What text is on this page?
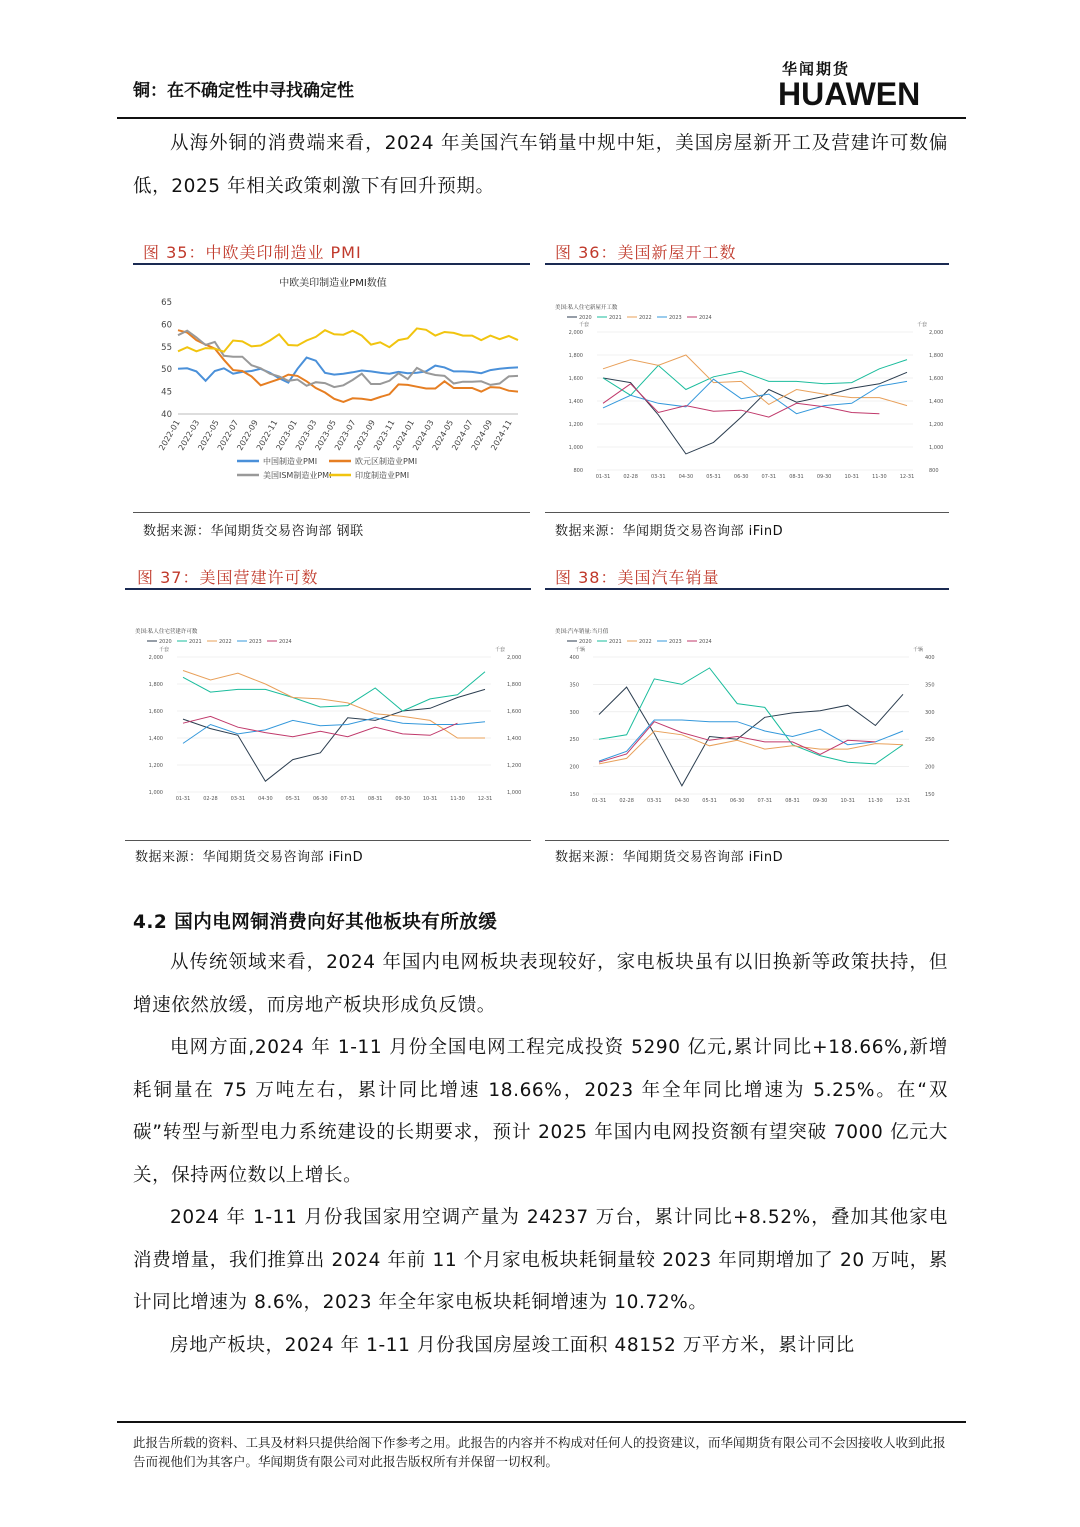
铜：在不确定性中寻找确定性
华闻期货
HUAWEN

从海外铜的消费端来看，2024 年美国汽车销量中规中矩，美国房屋新开工及营建许可数偏低，2025 年相关政策刺激下有回升预期。

图 35：中欧美印制造业 PMI
中欧美印制造业PMI数值
65
60
55
50
45
40
2022-01
2022-03
2022-05
2022-07
2022-09
2022-11
2023-01
2023-03
2023-05
2023-07
2023-09
2023-11
2024-01
2024-03
2024-05
2024-07
2024-09
2024-11
中国制造业PMI	欧元区制造业PMI
美国ISM制造业PMI	印度制造业PMI
数据来源：华闻期货交易咨询部 钢联
图 36：美国新屋开工数
美国:私人住宅新屋开工数
2020	2021	2022	2023	2024
千套	千套
2,000	2,000
1,800	1,800
1,600	1,600
1,400	1,400
1,200	1,200
1,000	1,000
800	800
01-31	02-28	03-31	04-30	05-31	06-30	07-31	08-31	09-30	10-31	11-30	12-31
数据来源：华闻期货交易咨询部 iFinD
图 37：美国营建许可数
美国:私人住宅营建许可数
2020	2021	2022	2023	2024
千套	千套
2,000	2,000
1,800	1,800
1,600	1,600
1,400	1,400
1,200	1,200
1,000	1,000
01-31	02-28	03-31	04-30	05-31	06-30	07-31	08-31	09-30	10-31	11-30	12-31
数据来源：华闻期货交易咨询部 iFinD
图 38：美国汽车销量
美国:汽车销量:当月值
2020	2021	2022	2023	2024
千辆	千辆
400	400
350	350
300	300
250	250
200	200
150	150
01-31	02-28	03-31	04-30	05-31	06-30	07-31	08-31	09-30	10-31	11-30	12-31
数据来源：华闻期货交易咨询部 iFinD
4.2 国内电网铜消费向好其他板块有所放缓

从传统领域来看，2024 年国内电网板块表现较好，家电板块虽有以旧换新等政策扶持，但增速依然放缓，而房地产板块形成负反馈。

电网方面,2024 年 1-11 月份全国电网工程完成投资 5290 亿元,累计同比+18.66%,新增耗铜量在 75 万吨左右，累计同比增速 18.66%，2023 年全年同比增速为 5.25%。在“双碳”转型与新型电力系统建设的长期要求，预计 2025 年国内电网投资额有望突破 7000 亿元大关，保持两位数以上增长。

2024 年 1-11 月份我国家用空调产量为 24237 万台，累计同比+8.52%，叠加其他家电消费增量，我们推算出 2024 年前 11 个月家电板块耗铜量较 2023 年同期增加了 20 万吨，累计同比增速为 8.6%，2023 年全年家电板块耗铜增速为 10.72%。

房地产板块，2024 年 1-11 月份我国房屋竣工面积 48152 万平方米，累计同比

此报告所载的资料、工具及材料只提供给阁下作参考之用。此报告的内容并不构成对任何人的投资建议，而华闻期货有限公司不会因接收人收到此报告而视他们为其客户。华闻期货有限公司对此报告版权所有并保留一切权利。
